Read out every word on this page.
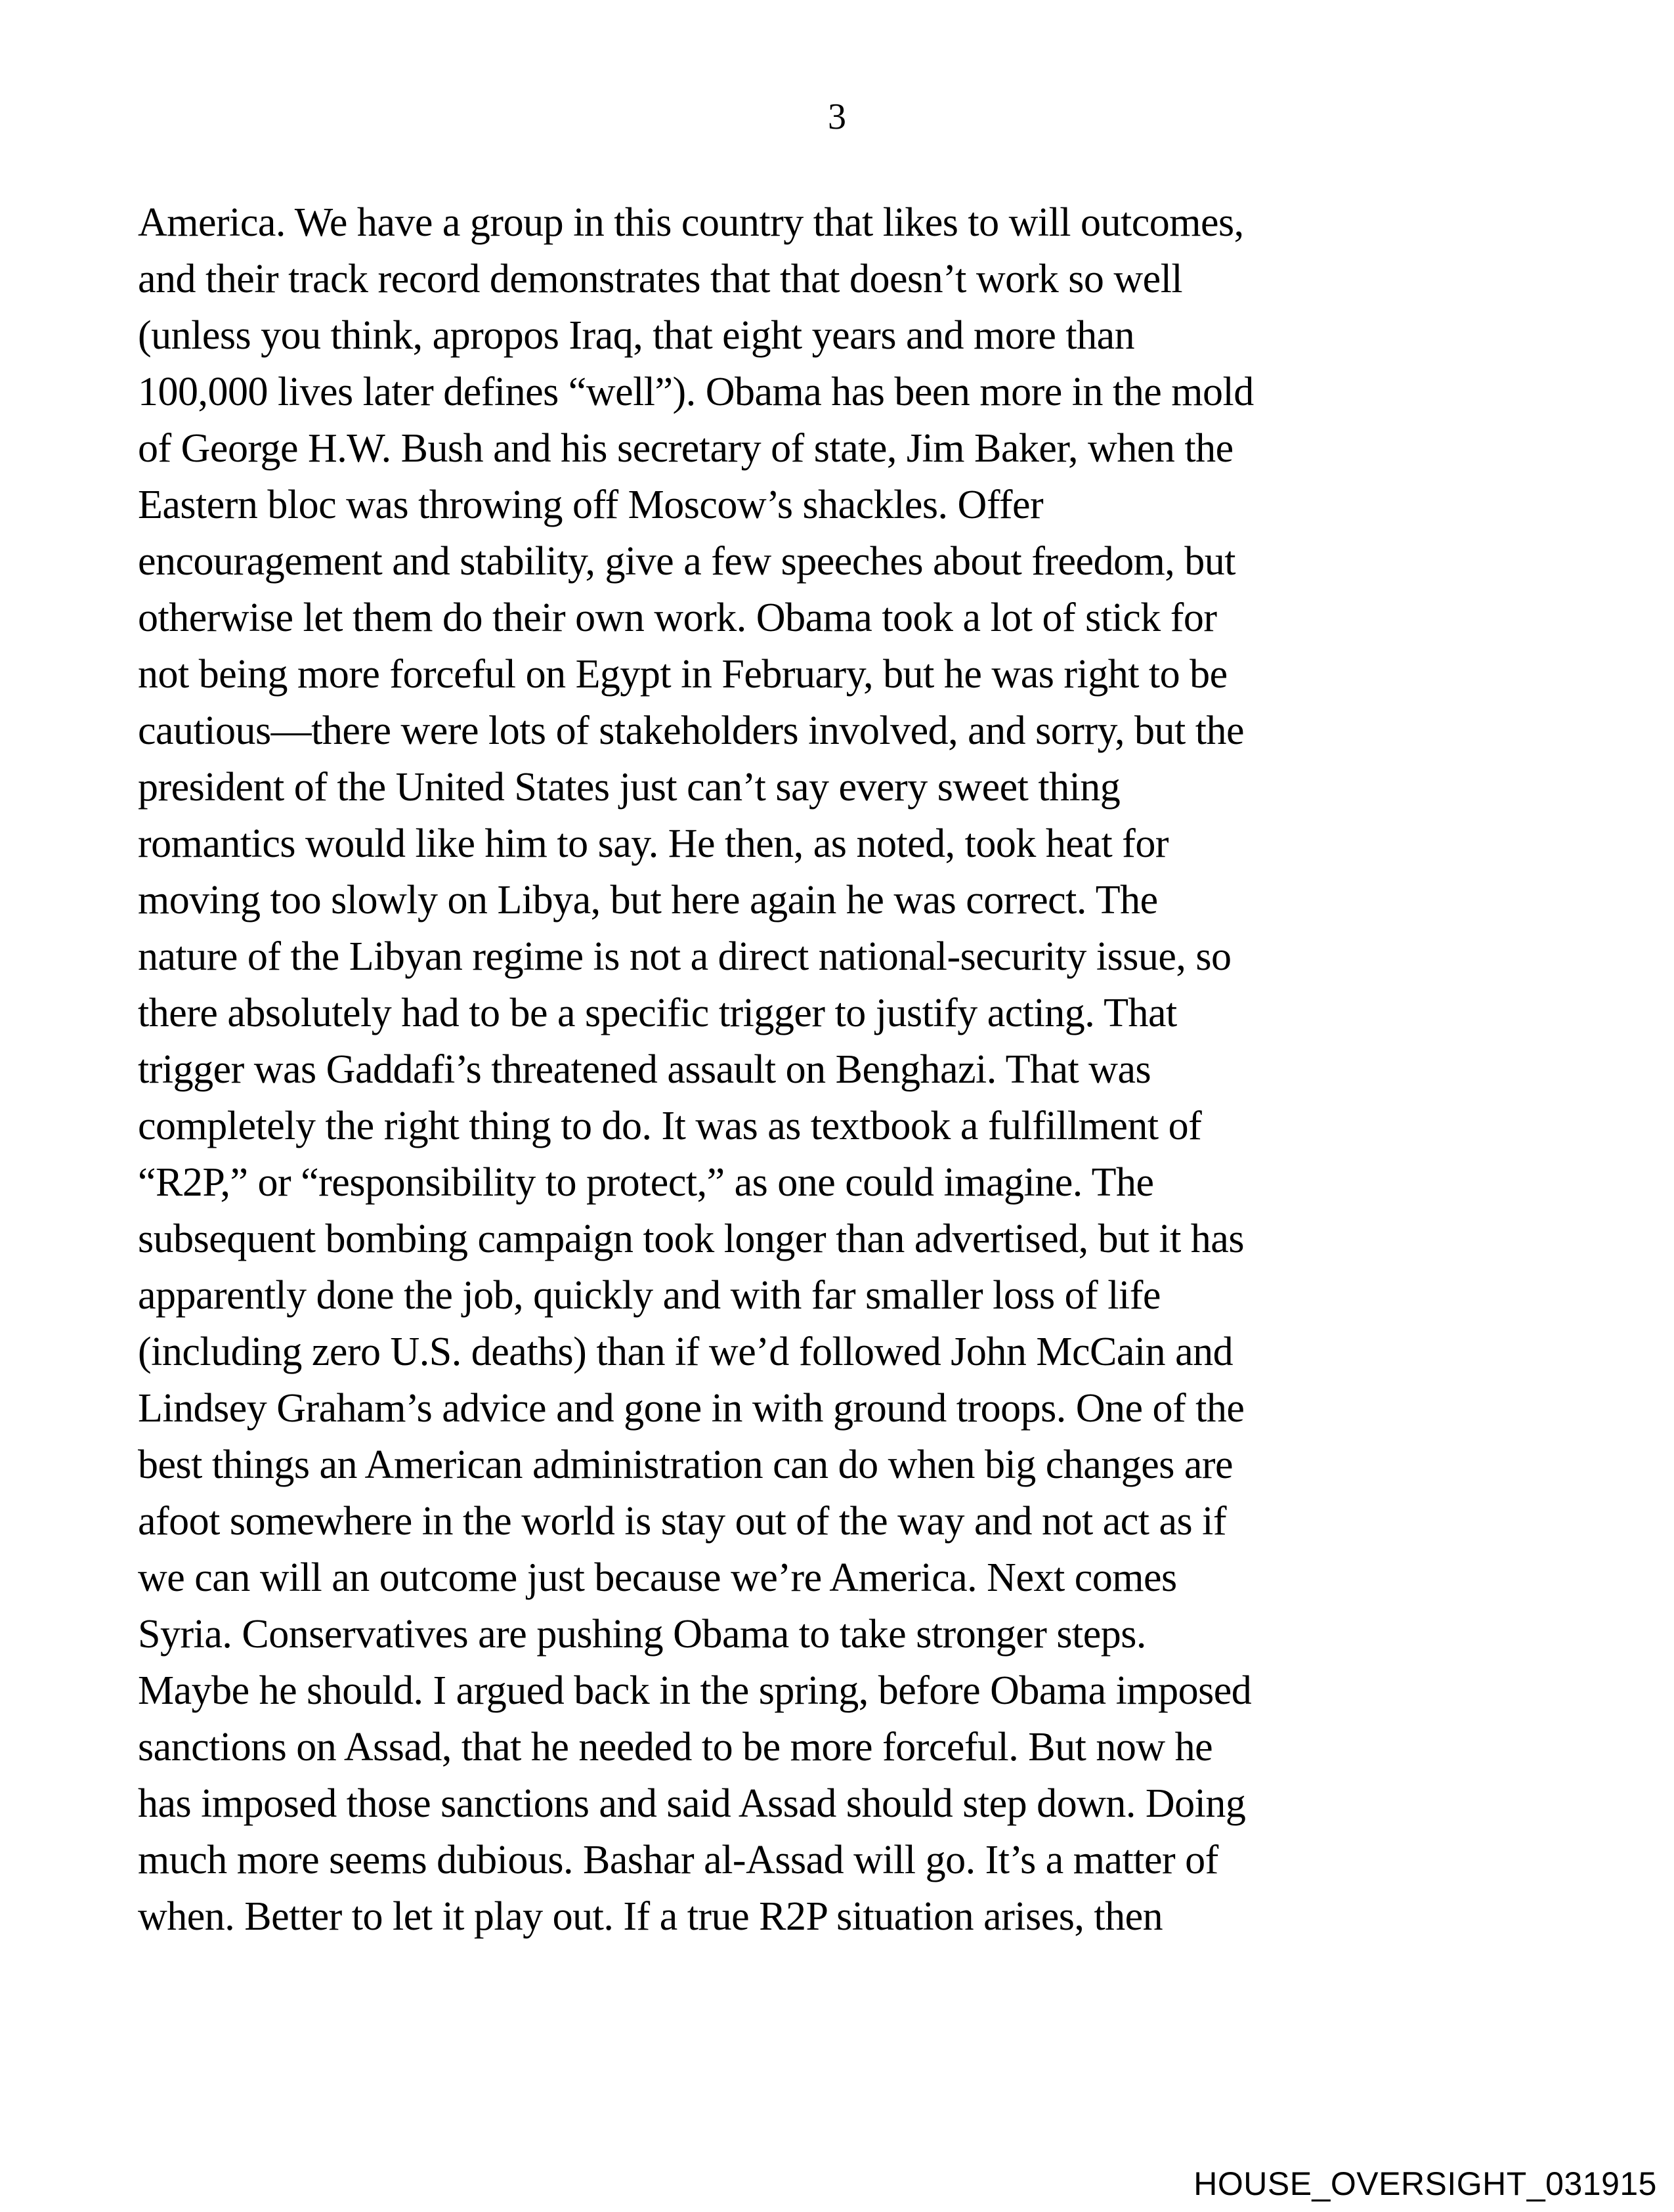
3
America. We have a group in this country that likes to will outcomes,
and their track record demonstrates that that doesn’t work so well
(unless you think, apropos Iraq, that eight years and more than
100,000 lives later defines “well”). Obama has been more in the mold
of George H.W. Bush and his secretary of state, Jim Baker, when the
Eastern bloc was throwing off Moscow’s shackles. Offer
encouragement and stability, give a few speeches about freedom, but
otherwise let them do their own work. Obama took a lot of stick for
not being more forceful on Egypt in February, but he was right to be
cautious—there were lots of stakeholders involved, and sorry, but the
president of the United States just can’t say every sweet thing
romantics would like him to say. He then, as noted, took heat for
moving too slowly on Libya, but here again he was correct. The
nature of the Libyan regime is not a direct national-security issue, so
there absolutely had to be a specific trigger to justify acting. That
trigger was Gaddafi’s threatened assault on Benghazi. That was
completely the right thing to do. It was as textbook a fulfillment of
“R2P,” or “responsibility to protect,” as one could imagine. The
subsequent bombing campaign took longer than advertised, but it has
apparently done the job, quickly and with far smaller loss of life
(including zero U.S. deaths) than if we’d followed John McCain and
Lindsey Graham’s advice and gone in with ground troops. One of the
best things an American administration can do when big changes are
afoot somewhere in the world is stay out of the way and not act as if
we can will an outcome just because we’re America. Next comes
Syria. Conservatives are pushing Obama to take stronger steps.
Maybe he should. I argued back in the spring, before Obama imposed
sanctions on Assad, that he needed to be more forceful. But now he
has imposed those sanctions and said Assad should step down. Doing
much more seems dubious. Bashar al-Assad will go. It’s a matter of
when. Better to let it play out. If a true R2P situation arises, then
HOUSE_OVERSIGHT_031915
